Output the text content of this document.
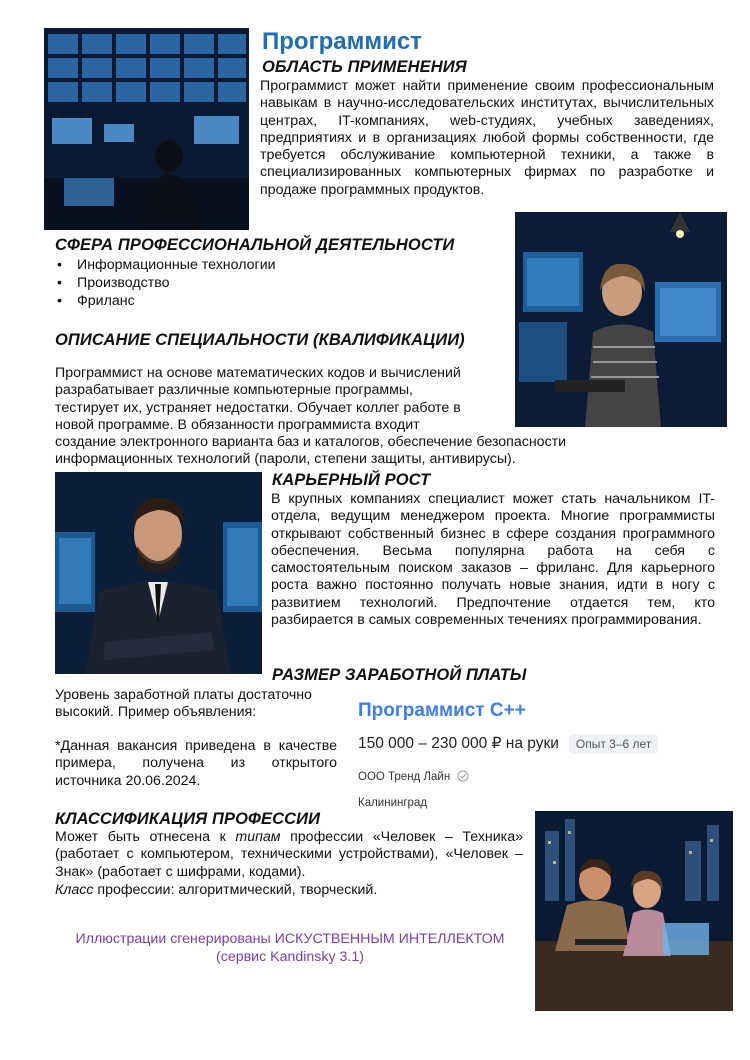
Программист
ОБЛАСТЬ ПРИМЕНЕНИЯ
Программист может найти применение своим профессиональным навыкам в научно-исследовательских институтах, вычислительных центрах, IT-компаниях, web-студиях, учебных заведениях, предприятиях и в организациях любой формы собственности, где требуется обслуживание компьютерной техники, а также в специализированных компьютерных фирмах по разработке и продаже программных продуктов.
СФЕРА ПРОФЕССИОНАЛЬНОЙ ДЕЯТЕЛЬНОСТИ
• Информационные технологии
• Производство
• Фриланс
ОПИСАНИЕ СПЕЦИАЛЬНОСТИ (КВАЛИФИКАЦИИ)
Программист на основе математических кодов и вычислений
разрабатывает различные компьютерные программы,
тестирует их, устраняет недостатки. Обучает коллег работе в
новой программе. В обязанности программиста входит
создание электронного варианта баз и каталогов, обеспечение безопасности
информационных технологий (пароли, степени защиты, антивирусы).
КАРЬЕРНЫЙ РОСТ
В крупных компаниях специалист может стать начальником IT-отдела, ведущим менеджером проекта. Многие программисты открывают собственный бизнес в сфере создания программного обеспечения. Весьма популярна работа на себя с самостоятельным поиском заказов – фриланс. Для карьерного роста важно постоянно получать новые знания, идти в ногу с развитием технологий. Предпочтение отдается тем, кто разбирается в самых современных течениях программирования.
РАЗМЕР ЗАРАБОТНОЙ ПЛАТЫ
Уровень заработной платы достаточно высокий. Пример объявления:
*Данная вакансия приведена в качестве примера, получена из открытого источника 20.06.2024.
Программист C++
150 000 – 230 000 ₽ на руки Опыт 3–6 лет
ООО Тренд Лайн
Калининград
КЛАССИФИКАЦИЯ ПРОФЕССИИ
Может быть отнесена к типам профессии «Человек – Техника» (работает с компьютером, техническими устройствами), «Человек – Знак» (работает с шифрами, кодами).
Класс профессии: алгоритмический, творческий.
Иллюстрации сгенерированы ИСКУСТВЕННЫМ ИНТЕЛЛЕКТОМ
(сервис Kandinsky 3.1)
